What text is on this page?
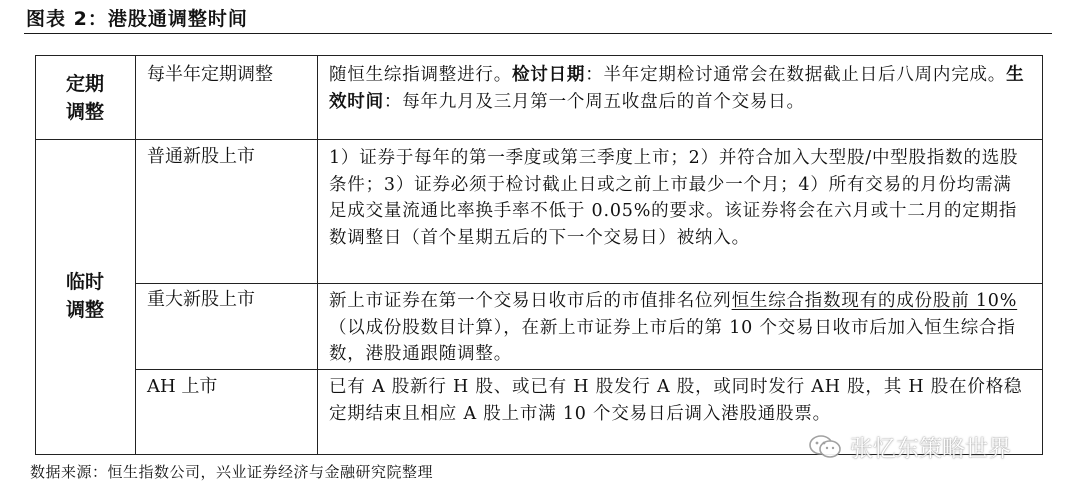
图表 2：港股通调整时间
定期
调整
每半年定期调整	随恒生综指调整进行。检讨日期：半年定期检讨通常会在数据截止日后八周内完成。生效时间：每年九月及三月第一个周五收盘后的首个交易日。
临时
调整
普通新股上市	1）证券于每年的第一季度或第三季度上市；2）并符合加入大型股/中型股指数的选股条件；3）证券必须于检讨截止日或之前上市最少一个月；4）所有交易的月份均需满足成交量流通比率换手率不低于 0.05%的要求。该证券将会在六月或十二月的定期指数调整日（首个星期五后的下一个交易日）被纳入。
重大新股上市	新上市证券在第一个交易日收市后的市值排名位列恒生综合指数现有的成份股前 10% （以成份股数目计算），在新上市证券上市后的第 10 个交易日收市后加入恒生综合指数，港股通跟随调整。
AH 上市	已有 A 股新行 H 股、或已有 H 股发行 A 股，或同时发行 AH 股，其 H 股在价格稳定期结束且相应 A 股上市满 10 个交易日后调入港股通股票。
数据来源：恒生指数公司，兴业证券经济与金融研究院整理
张忆东策略世界
